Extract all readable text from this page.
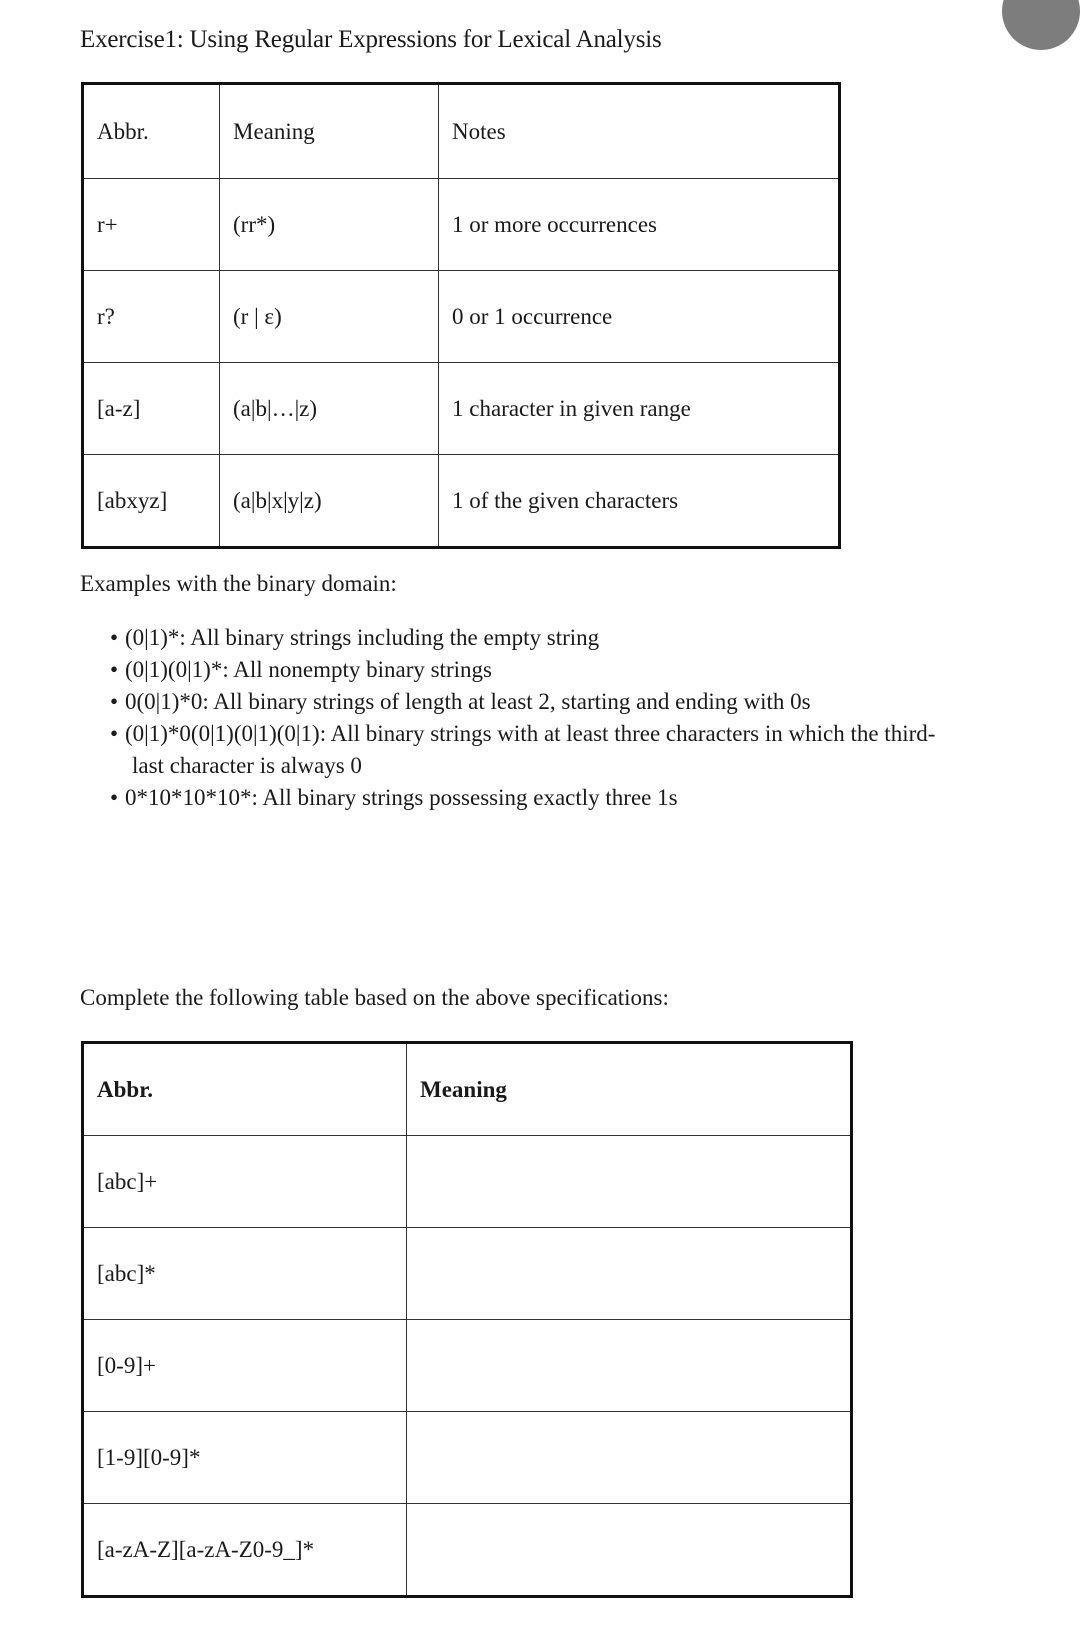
Exercise1: Using Regular Expressions for Lexical Analysis
Abbr.	Meaning	Notes
r+	(rr*)	1 or more occurrences
r?	(r | ε)	0 or 1 occurrence
[a-z]	(a|b|…|z)	1 character in given range
[abxyz]	(a|b|x|y|z)	1 of the given characters
Examples with the binary domain:
• (0|1)*: All binary strings including the empty string
• (0|1)(0|1)*: All nonempty binary strings
• 0(0|1)*0: All binary strings of length at least 2, starting and ending with 0s
• (0|1)*0(0|1)(0|1)(0|1): All binary strings with at least three characters in which the third-
last character is always 0
• 0*10*10*10*: All binary strings possessing exactly three 1s
Complete the following table based on the above specifications:
Abbr.	Meaning
[abc]+	
[abc]*	
[0-9]+	
[1-9][0-9]*	
[a-zA-Z][a-zA-Z0-9_]*	
